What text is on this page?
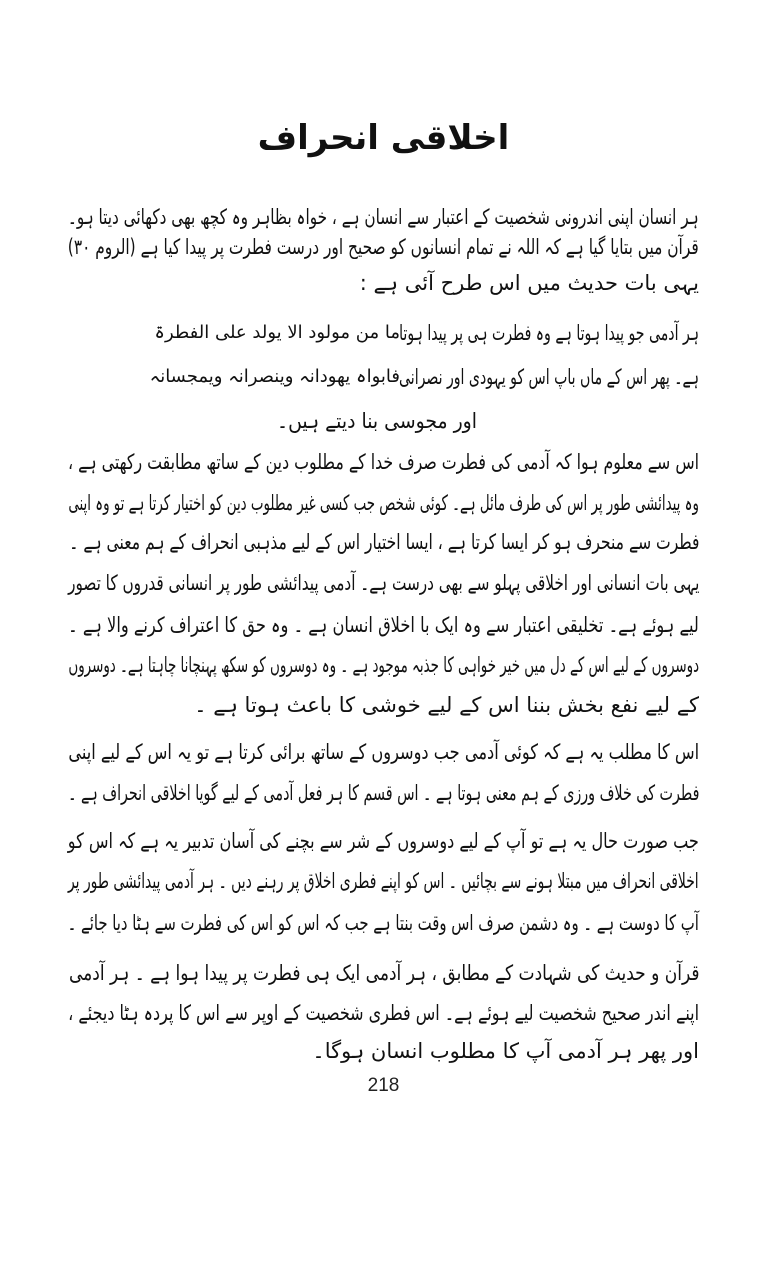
اخلاقی انحراف
ہر انسان اپنی اندرونی شخصیت کے اعتبار سے انسان ہے ، خواہ بظاہر وہ کچھ بھی دکھائی دیتا ہو۔
قرآن میں بتایا گیا ہے کہ اللہ نے تمام انسانوں کو صحیح اور درست فطرت پر پیدا کیا ہے (الروم ۳۰)
یہی بات حدیث میں اس طرح آئی ہے :
ما من مولود الا یولد علی الفطرۃ
فابواہ یھودانہ وینصرانہ ویمجسانہ
ہر آدمی جو پیدا ہوتا ہے وہ فطرت ہی پر پیدا ہوتا
ہے۔ پھر اس کے ماں باپ اس کو یہودی اور نصرانی
اور مجوسی بنا دیتے ہیں۔
اس سے معلوم ہوا کہ آدمی کی فطرت صرف خدا کے مطلوب دین کے ساتھ مطابقت رکھتی ہے ،
وہ پیدائشی طور پر اس کی طرف مائل ہے۔ کوئی شخص جب کسی غیر مطلوب دین کو اختیار کرتا ہے تو وہ اپنی
فطرت سے منحرف ہو کر ایسا کرتا ہے ، ایسا اختیار اس کے لیے مذہبی انحراف کے ہم معنی ہے ۔
یہی بات انسانی اور اخلاقی پہلو سے بھی درست ہے۔ آدمی پیدائشی طور پر انسانی قدروں کا تصور
لیے ہوئے ہے۔ تخلیقی اعتبار سے وہ ایک با اخلاق انسان ہے ۔ وہ حق کا اعتراف کرنے والا ہے ۔
دوسروں کے لیے اس کے دل میں خیر خواہی کا جذبہ موجود ہے ۔ وہ دوسروں کو سکھ پہنچانا چاہتا ہے۔ دوسروں
کے لیے نفع بخش بننا اس کے لیے خوشی کا باعث ہوتا ہے ۔
اس کا مطلب یہ ہے کہ کوئی آدمی جب دوسروں کے ساتھ برائی کرتا ہے تو یہ اس کے لیے اپنی
فطرت کی خلاف ورزی کے ہم معنی ہوتا ہے ۔ اس قسم کا ہر فعل آدمی کے لیے گویا اخلاقی انحراف ہے ۔
جب صورت حال یہ ہے تو آپ کے لیے دوسروں کے شر سے بچنے کی آسان تدبیر یہ ہے کہ اس کو
اخلاقی انحراف میں مبتلا ہونے سے بچائیں ۔ اس کو اپنے فطری اخلاق پر رہنے دیں ۔ ہر آدمی پیدائشی طور پر
آپ کا دوست ہے ۔ وہ دشمن صرف اس وقت بنتا ہے جب کہ اس کو اس کی فطرت سے ہٹا دیا جائے ۔
قرآن و حدیث کی شہادت کے مطابق ، ہر آدمی ایک ہی فطرت پر پیدا ہوا ہے ۔ ہر آدمی
اپنے اندر صحیح شخصیت لیے ہوئے ہے۔ اس فطری شخصیت کے اوپر سے اس کا پردہ ہٹا دیجئے ،
اور پھر ہر آدمی آپ کا مطلوب انسان ہوگا۔
218
